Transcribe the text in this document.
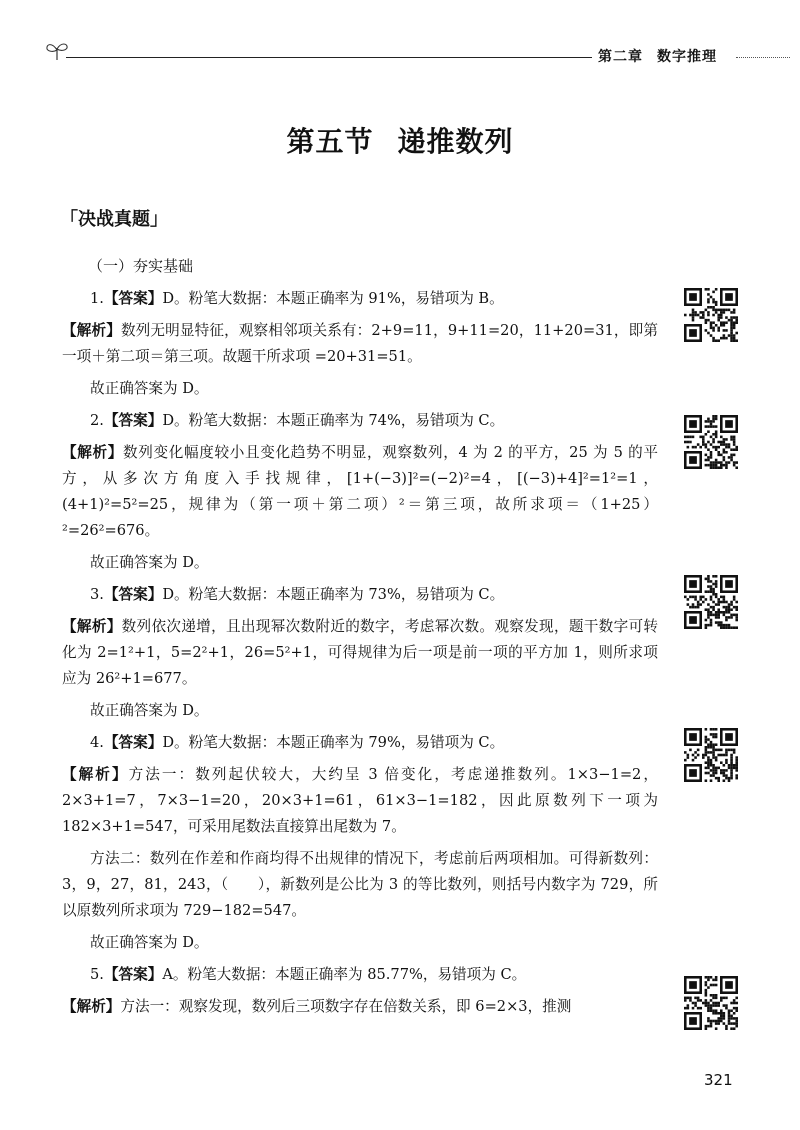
第二章 数字推理
第五节 递推数列
「决战真题」
（一）夯实基础

1.【答案】D。粉笔大数据：本题正确率为 91%，易错项为 B。

【解析】数列无明显特征，观察相邻项关系有：2+9=11，9+11=20，11+20=31，即第一项＋第二项＝第三项。故题干所求项 =20+31=51。

故正确答案为 D。

2.【答案】D。粉笔大数据：本题正确率为 74%，易错项为 C。

【解析】数列变化幅度较小且变化趋势不明显，观察数列，4 为 2 的平方，25 为 5 的平方，从多次方角度入手找规律，[1+(−3)]²=(−2)²=4，[(−3)+4]²=1²=1，(4+1)²=5²=25，规律为（第一项＋第二项）²＝第三项，故所求项＝（1+25）²=26²=676。

故正确答案为 D。

3.【答案】D。粉笔大数据：本题正确率为 73%，易错项为 C。

【解析】数列依次递增，且出现幂次数附近的数字，考虑幂次数。观察发现，题干数字可转化为 2=1²+1，5=2²+1，26=5²+1，可得规律为后一项是前一项的平方加 1，则所求项应为 26²+1=677。

故正确答案为 D。

4.【答案】D。粉笔大数据：本题正确率为 79%，易错项为 C。

【解析】方法一：数列起伏较大，大约呈 3 倍变化，考虑递推数列。1×3−1=2，2×3+1=7，7×3−1=20，20×3+1=61，61×3−1=182，因此原数列下一项为 182×3+1=547，可采用尾数法直接算出尾数为 7。

方法二：数列在作差和作商均得不出规律的情况下，考虑前后两项相加。可得新数列：3，9，27，81，243，（　　），新数列是公比为 3 的等比数列，则括号内数字为 729，所以原数列所求项为 729−182=547。

故正确答案为 D。

5.【答案】A。粉笔大数据：本题正确率为 85.77%，易错项为 C。

【解析】方法一：观察发现，数列后三项数字存在倍数关系，即 6=2×3，推测

321
